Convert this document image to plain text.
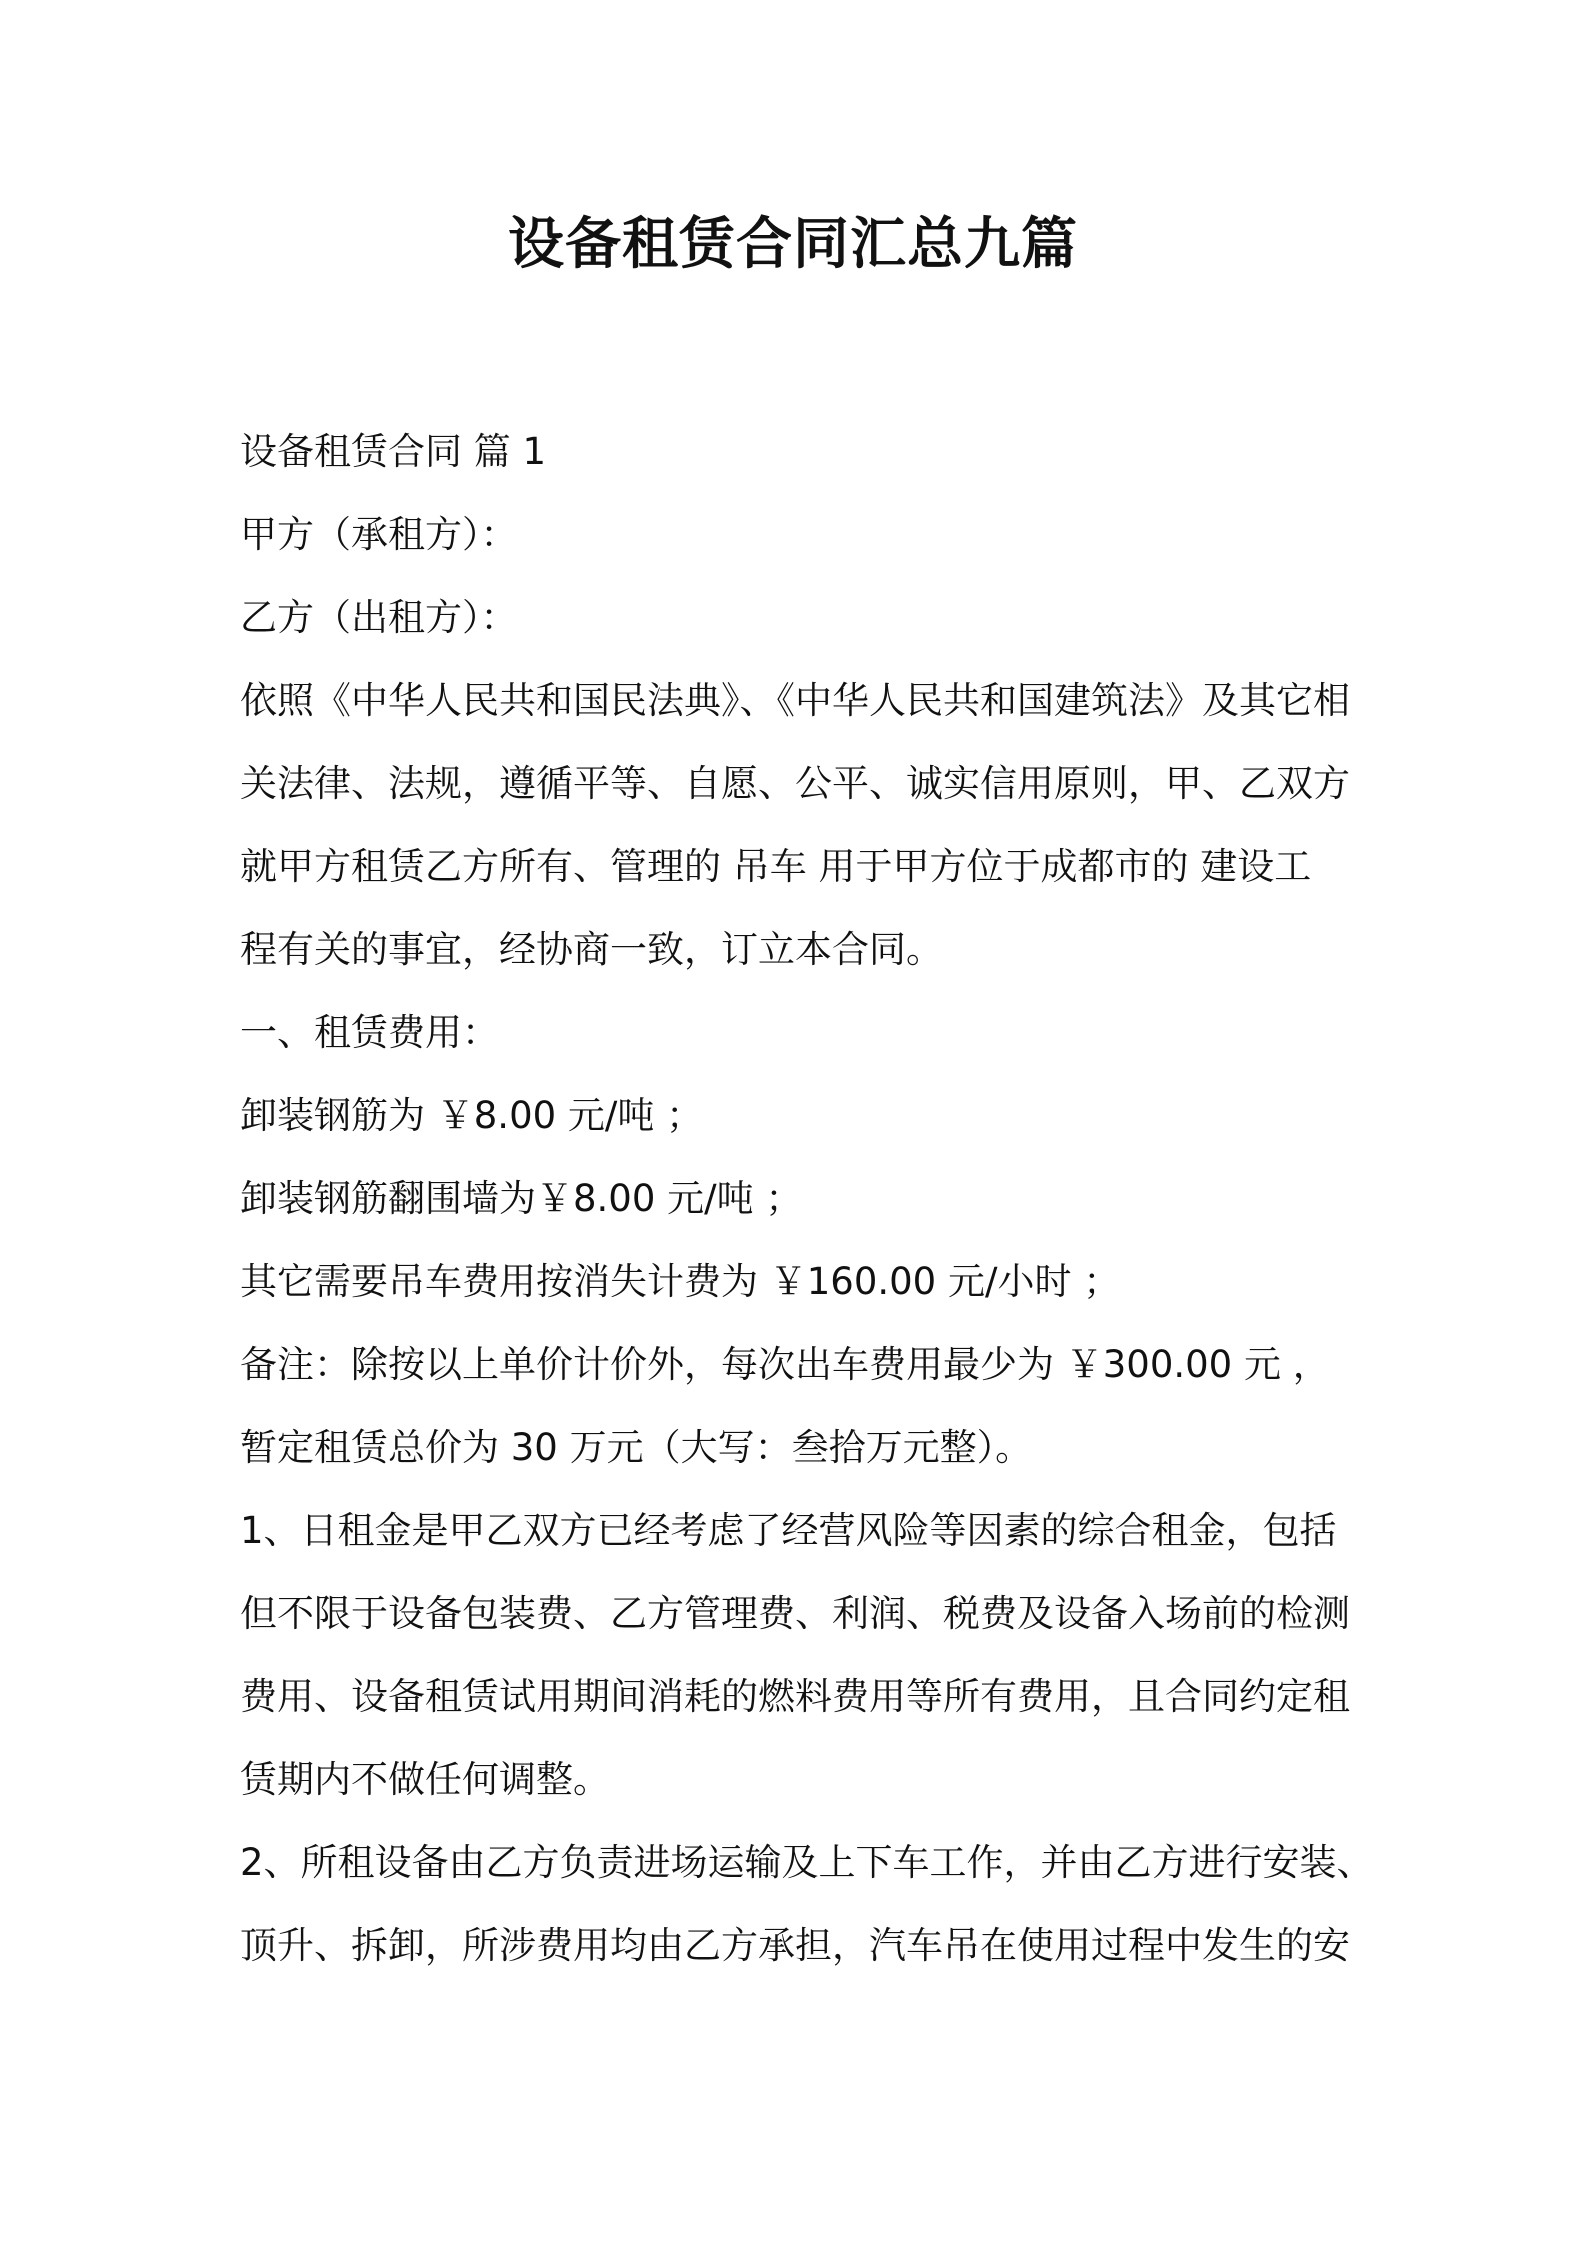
设备租赁合同汇总九篇
设备租赁合同 篇 1
甲方（承租方）：
乙方（出租方）：
依照《中华人民共和国民法典》、《中华人民共和国建筑法》及其它相
关法律、法规，遵循平等、自愿、公平、诚实信用原则，甲、乙双方
就甲方租赁乙方所有、管理的 吊车 用于甲方位于成都市的 建设工
程有关的事宜，经协商一致，订立本合同。
一、租赁费用：
卸装钢筋为 ￥8.00 元/吨 ；
卸装钢筋翻围墙为￥8.00 元/吨 ；
其它需要吊车费用按消失计费为 ￥160.00 元/小时 ；
备注：除按以上单价计价外，每次出车费用最少为 ￥300.00 元 ，
暂定租赁总价为 30 万元（大写：叁拾万元整）。
1、日租金是甲乙双方已经考虑了经营风险等因素的综合租金，包括
但不限于设备包装费、乙方管理费、利润、税费及设备入场前的检测
费用、设备租赁试用期间消耗的燃料费用等所有费用，且合同约定租
赁期内不做任何调整。
2、所租设备由乙方负责进场运输及上下车工作，并由乙方进行安装、
顶升、拆卸，所涉费用均由乙方承担，汽车吊在使用过程中发生的安
